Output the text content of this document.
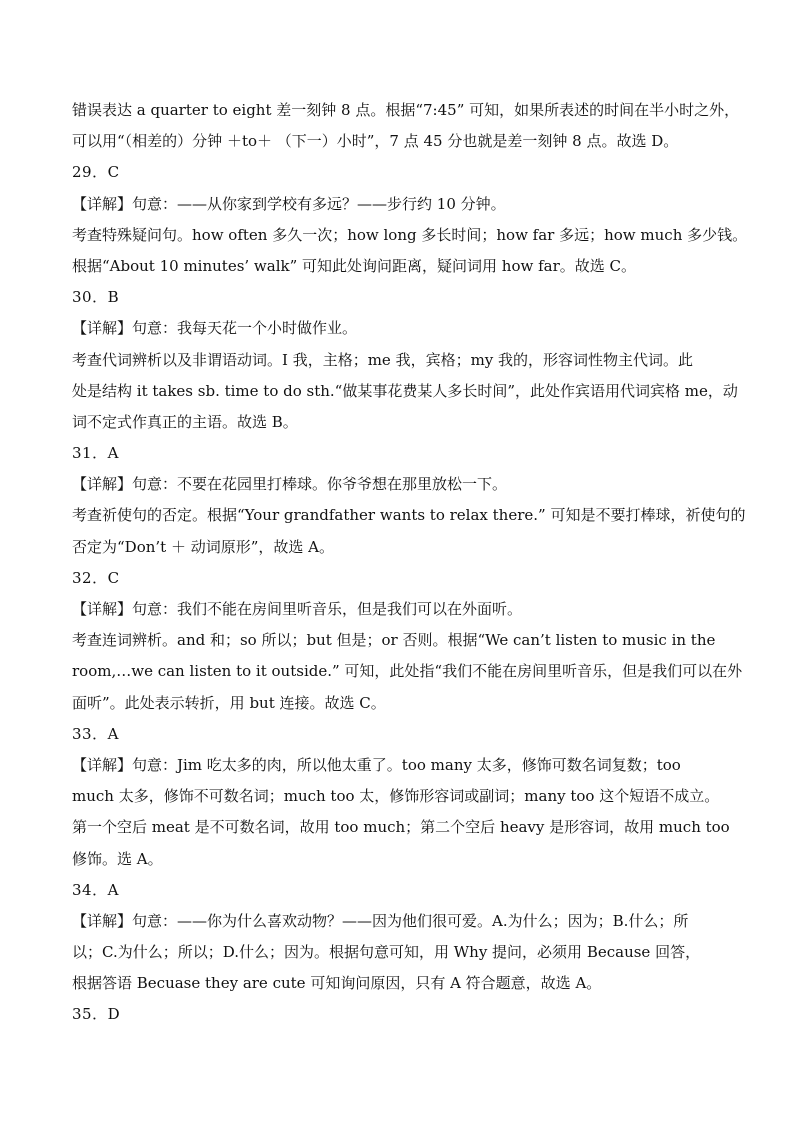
错误表达 a quarter to eight 差一刻钟 8 点。根据“7:45” 可知，如果所表述的时间在半小时之外，
可以用“（相差的）分钟 ＋to＋ （下一）小时”，7 点 45 分也就是差一刻钟 8 点。故选 D。
29．C
【详解】句意：——从你家到学校有多远？——步行约 10 分钟。
考查特殊疑问句。how often 多久一次；how long 多长时间；how far 多远；how much 多少钱。
根据“About 10 minutes’ walk” 可知此处询问距离，疑问词用 how far。故选 C。
30．B
【详解】句意：我每天花一个小时做作业。
考查代词辨析以及非谓语动词。I 我，主格；me 我，宾格；my 我的，形容词性物主代词。此
处是结构 it takes sb. time to do sth.“做某事花费某人多长时间”，此处作宾语用代词宾格 me，动
词不定式作真正的主语。故选 B。
31．A
【详解】句意：不要在花园里打棒球。你爷爷想在那里放松一下。
考查祈使句的否定。根据“Your grandfather wants to relax there.” 可知是不要打棒球，祈使句的
否定为“Don’t ＋ 动词原形”，故选 A。
32．C
【详解】句意：我们不能在房间里听音乐，但是我们可以在外面听。
考查连词辨析。and 和；so 所以；but 但是；or 否则。根据“We can’t listen to music in the
room,…we can listen to it outside.” 可知，此处指“我们不能在房间里听音乐，但是我们可以在外
面听”。此处表示转折，用 but 连接。故选 C。
33．A
【详解】句意：Jim 吃太多的肉，所以他太重了。too many 太多，修饰可数名词复数；too
much 太多，修饰不可数名词；much too 太，修饰形容词或副词；many too 这个短语不成立。
第一个空后 meat 是不可数名词，故用 too much；第二个空后 heavy 是形容词，故用 much too
修饰。选 A。
34．A
【详解】句意：——你为什么喜欢动物？——因为他们很可爱。A.为什么；因为；B.什么；所
以；C.为什么；所以；D.什么；因为。根据句意可知，用 Why 提问，必须用 Because 回答，
根据答语 Becuase they are cute 可知询问原因，只有 A 符合题意，故选 A。
35．D
